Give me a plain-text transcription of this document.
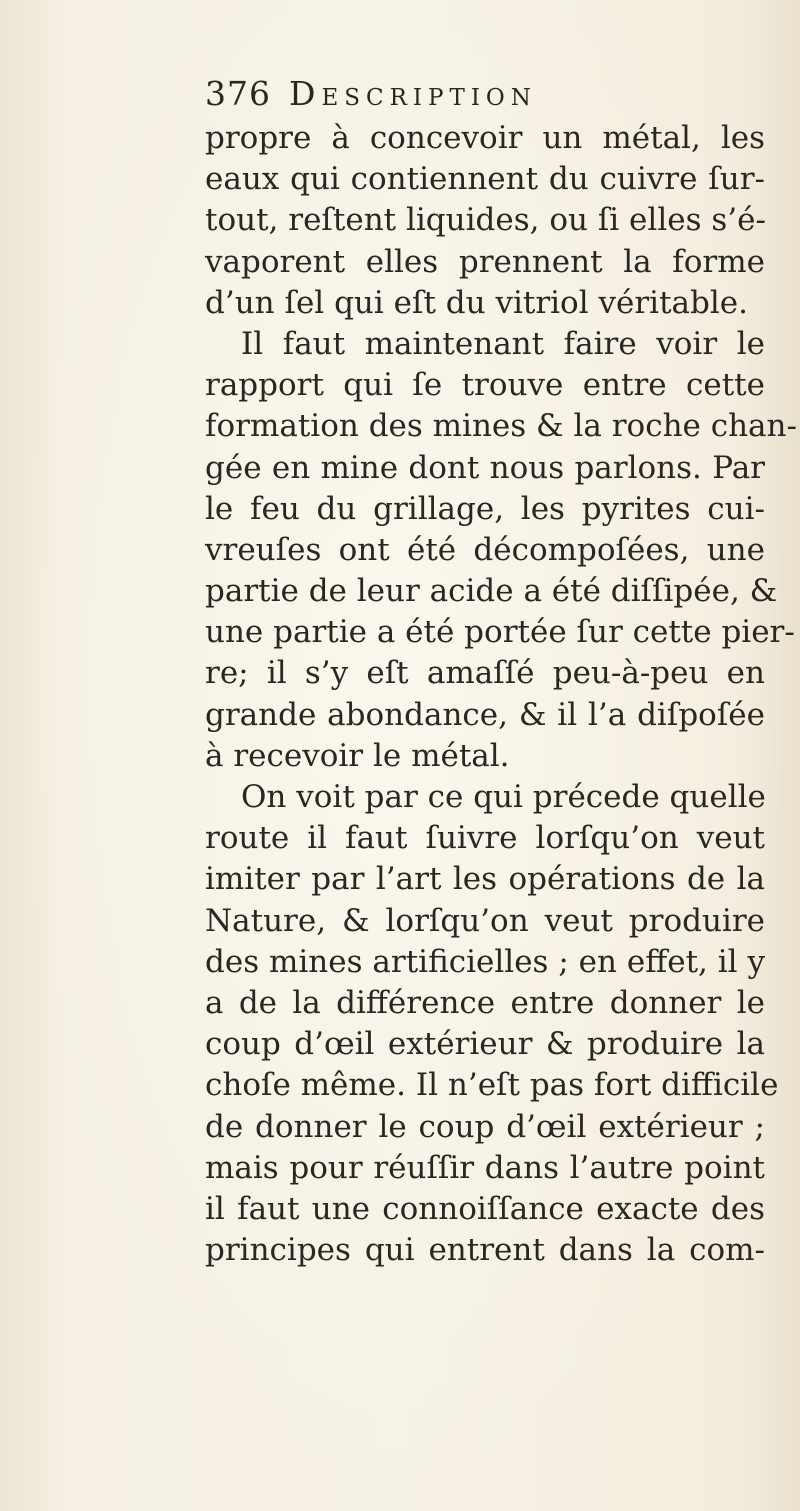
376 Description
propre à concevoir un métal, les
eaux qui contiennent du cuivre ſur-
tout, reſtent liquides, ou ſi elles s’é-
vaporent elles prennent la forme
d’un ſel qui eſt du vitriol véritable.
Il faut maintenant faire voir le
rapport qui ſe trouve entre cette
formation des mines & la roche chan-
gée en mine dont nous parlons. Par
le feu du grillage, les pyrites cui-
vreuſes ont été décompoſées, une
partie de leur acide a été diſſipée, &
une partie a été portée ſur cette pier-
re; il s’y eſt amaſſé peu-à-peu en
grande abondance, & il l’a diſpoſée
à recevoir le métal.
On voit par ce qui précede quelle
route il faut ſuivre lorſqu’on veut
imiter par l’art les opérations de la
Nature, & lorſqu’on veut produire
des mines artificielles ; en effet, il y
a de la différence entre donner le
coup d’œil extérieur & produire la
choſe même. Il n’eſt pas fort difficile
de donner le coup d’œil extérieur ;
mais pour réuſſir dans l’autre point
il faut une connoiſſance exacte des
principes qui entrent dans la com-
